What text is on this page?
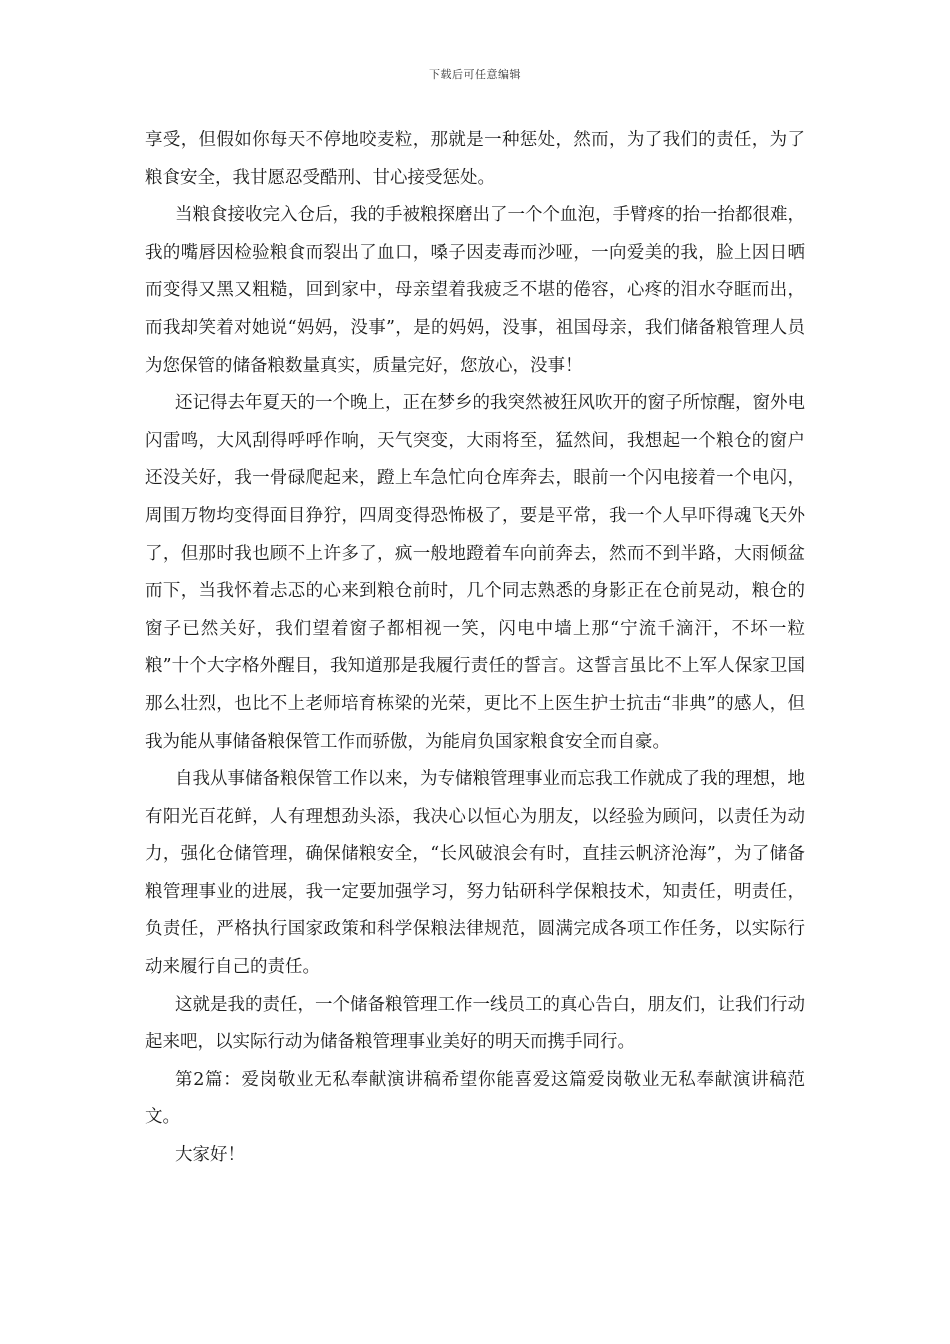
下载后可任意编辑

享受，但假如你每天不停地咬麦粒，那就是一种惩处，然而，为了我们的责任，为了粮食安全，我甘愿忍受酷刑、甘心接受惩处。

当粮食接收完入仓后，我的手被粮探磨出了一个个血泡，手臂疼的抬一抬都很难，我的嘴唇因检验粮食而裂出了血口，嗓子因麦毒而沙哑，一向爱美的我，脸上因日晒而变得又黑又粗糙，回到家中，母亲望着我疲乏不堪的倦容，心疼的泪水夺眶而出，而我却笑着对她说“妈妈，没事”，是的妈妈，没事，祖国母亲，我们储备粮管理人员为您保管的储备粮数量真实，质量完好，您放心，没事！

还记得去年夏天的一个晚上，正在梦乡的我突然被狂风吹开的窗子所惊醒，窗外电闪雷鸣，大风刮得呼呼作响，天气突变，大雨将至，猛然间，我想起一个粮仓的窗户还没关好，我一骨碌爬起来，蹬上车急忙向仓库奔去，眼前一个闪电接着一个电闪，周围万物均变得面目狰狞，四周变得恐怖极了，要是平常，我一个人早吓得魂飞天外了，但那时我也顾不上许多了，疯一般地蹬着车向前奔去，然而不到半路，大雨倾盆而下，当我怀着忐忑的心来到粮仓前时，几个同志熟悉的身影正在仓前晃动，粮仓的窗子已然关好，我们望着窗子都相视一笑，闪电中墙上那“宁流千滴汗，不坏一粒粮”十个大字格外醒目，我知道那是我履行责任的誓言。这誓言虽比不上军人保家卫国那么壮烈，也比不上老师培育栋梁的光荣，更比不上医生护士抗击“非典”的感人，但我为能从事储备粮保管工作而骄傲，为能肩负国家粮食安全而自豪。

自我从事储备粮保管工作以来，为专储粮管理事业而忘我工作就成了我的理想，地有阳光百花鲜，人有理想劲头添，我决心以恒心为朋友，以经验为顾问，以责任为动力，强化仓储管理，确保储粮安全，“长风破浪会有时，直挂云帆济沧海”，为了储备粮管理事业的进展，我一定要加强学习，努力钻研科学保粮技术，知责任，明责任，负责任，严格执行国家政策和科学保粮法律规范，圆满完成各项工作任务，以实际行动来履行自己的责任。

这就是我的责任，一个储备粮管理工作一线员工的真心告白，朋友们，让我们行动起来吧，以实际行动为储备粮管理事业美好的明天而携手同行。

第2篇：爱岗敬业无私奉献演讲稿希望你能喜爱这篇爱岗敬业无私奉献演讲稿范文。

大家好！
